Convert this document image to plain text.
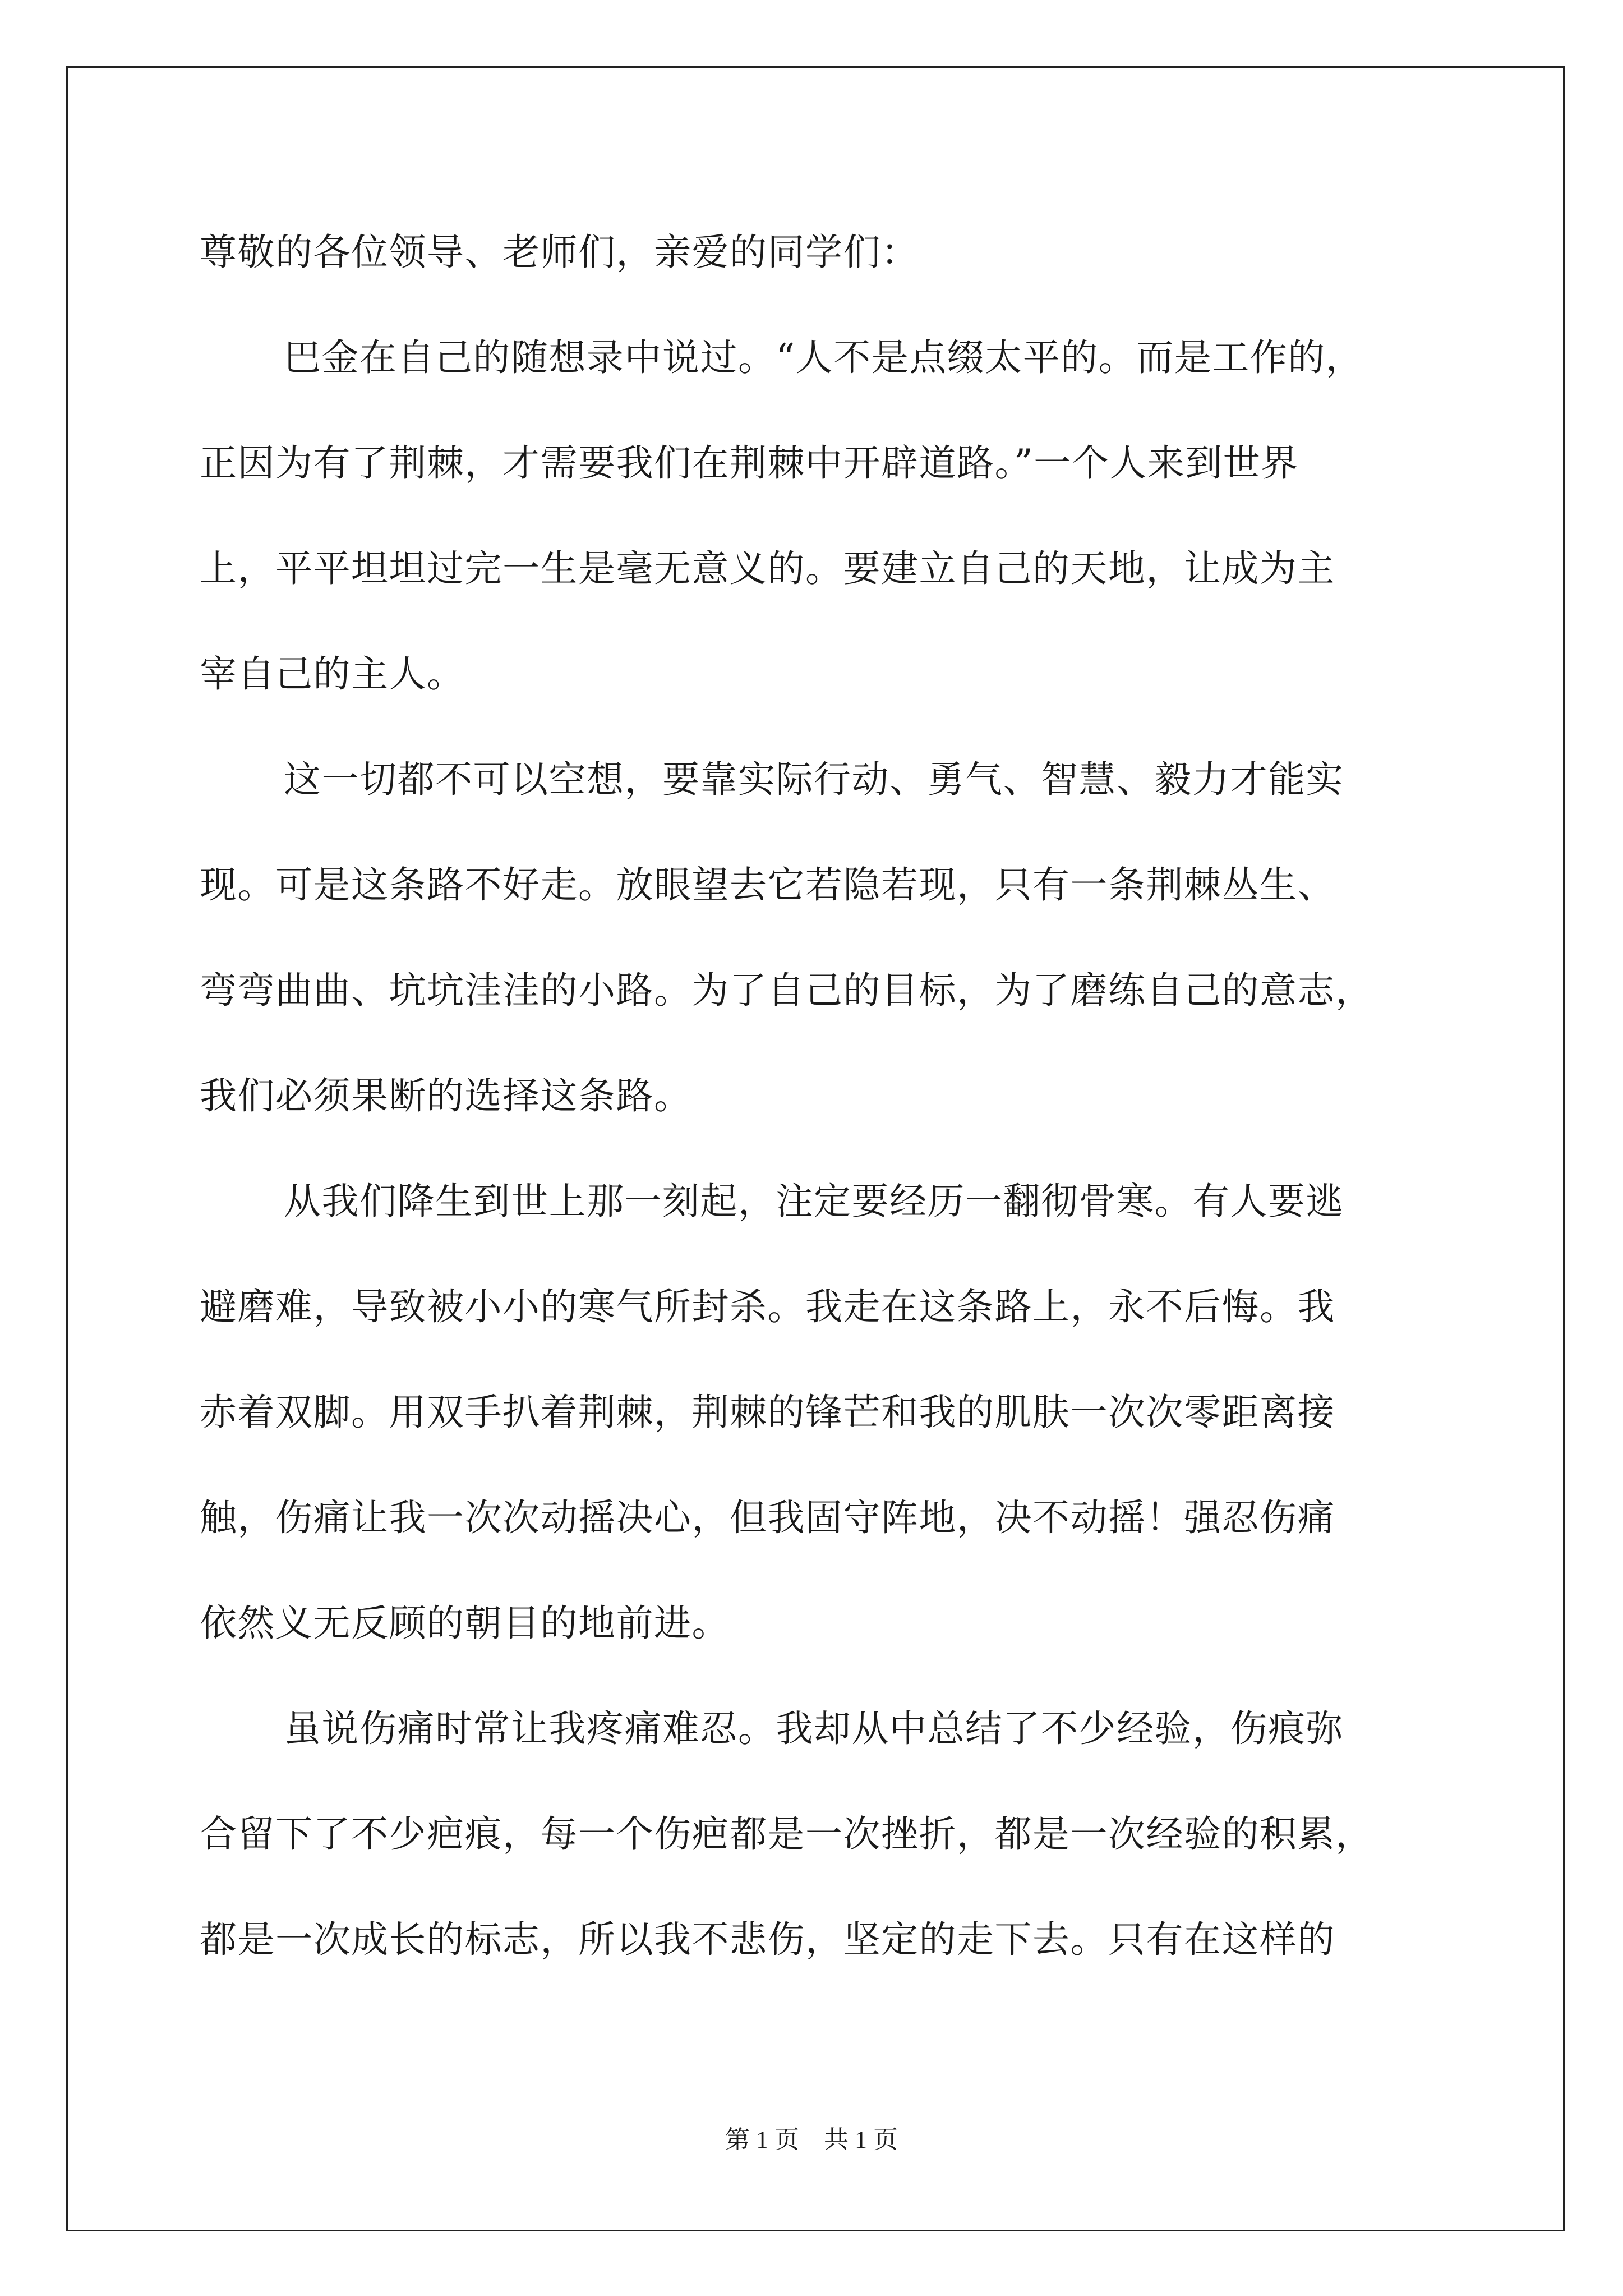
尊敬的各位领导、老师们，亲爱的同学们：

巴金在自己的随想录中说过。“人不是点缀太平的。而是工作的，

正因为有了荆棘，才需要我们在荆棘中开辟道路。”一个人来到世界

上，平平坦坦过完一生是毫无意义的。要建立自己的天地，让成为主

宰自己的主人。

这一切都不可以空想，要靠实际行动、勇气、智慧、毅力才能实

现。可是这条路不好走。放眼望去它若隐若现，只有一条荆棘丛生、

弯弯曲曲、坑坑洼洼的小路。为了自己的目标，为了磨练自己的意志，

我们必须果断的选择这条路。

从我们降生到世上那一刻起，注定要经历一翻彻骨寒。有人要逃

避磨难，导致被小小的寒气所封杀。我走在这条路上，永不后悔。我

赤着双脚。用双手扒着荆棘，荆棘的锋芒和我的肌肤一次次零距离接

触，伤痛让我一次次动摇决心，但我固守阵地，决不动摇！强忍伤痛

依然义无反顾的朝目的地前进。

虽说伤痛时常让我疼痛难忍。我却从中总结了不少经验，伤痕弥

合留下了不少疤痕，每一个伤疤都是一次挫折，都是一次经验的积累，

都是一次成长的标志，所以我不悲伤，坚定的走下去。只有在这样的

第 1 页　共 1 页
